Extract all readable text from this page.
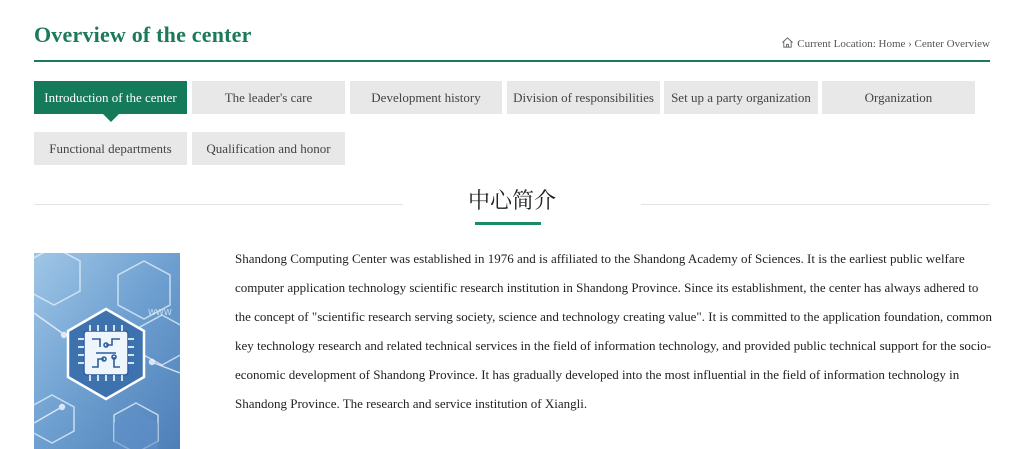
Overview of the center	Current Location: Home › Center Overview
Introduction of the center	The leader's care	Development history	Division of responsibilities	Set up a party organization	Organization
Functional departments	Qualification and honor
中心简介
WWW
Shandong Computing Center was established in 1976 and is affiliated to the Shandong Academy of Sciences. It is the earliest public welfare computer application technology scientific research institution in Shandong Province. Since its establishment, the center has always adhered to the concept of "scientific research serving society, science and technology creating value". It is committed to the application foundation, common key technology research and related technical services in the field of information technology, and provided public technical support for the socio-economic development of Shandong Province. It has gradually developed into the most influential in the field of information technology in Shandong Province. The research and service institution of Xiangli.
